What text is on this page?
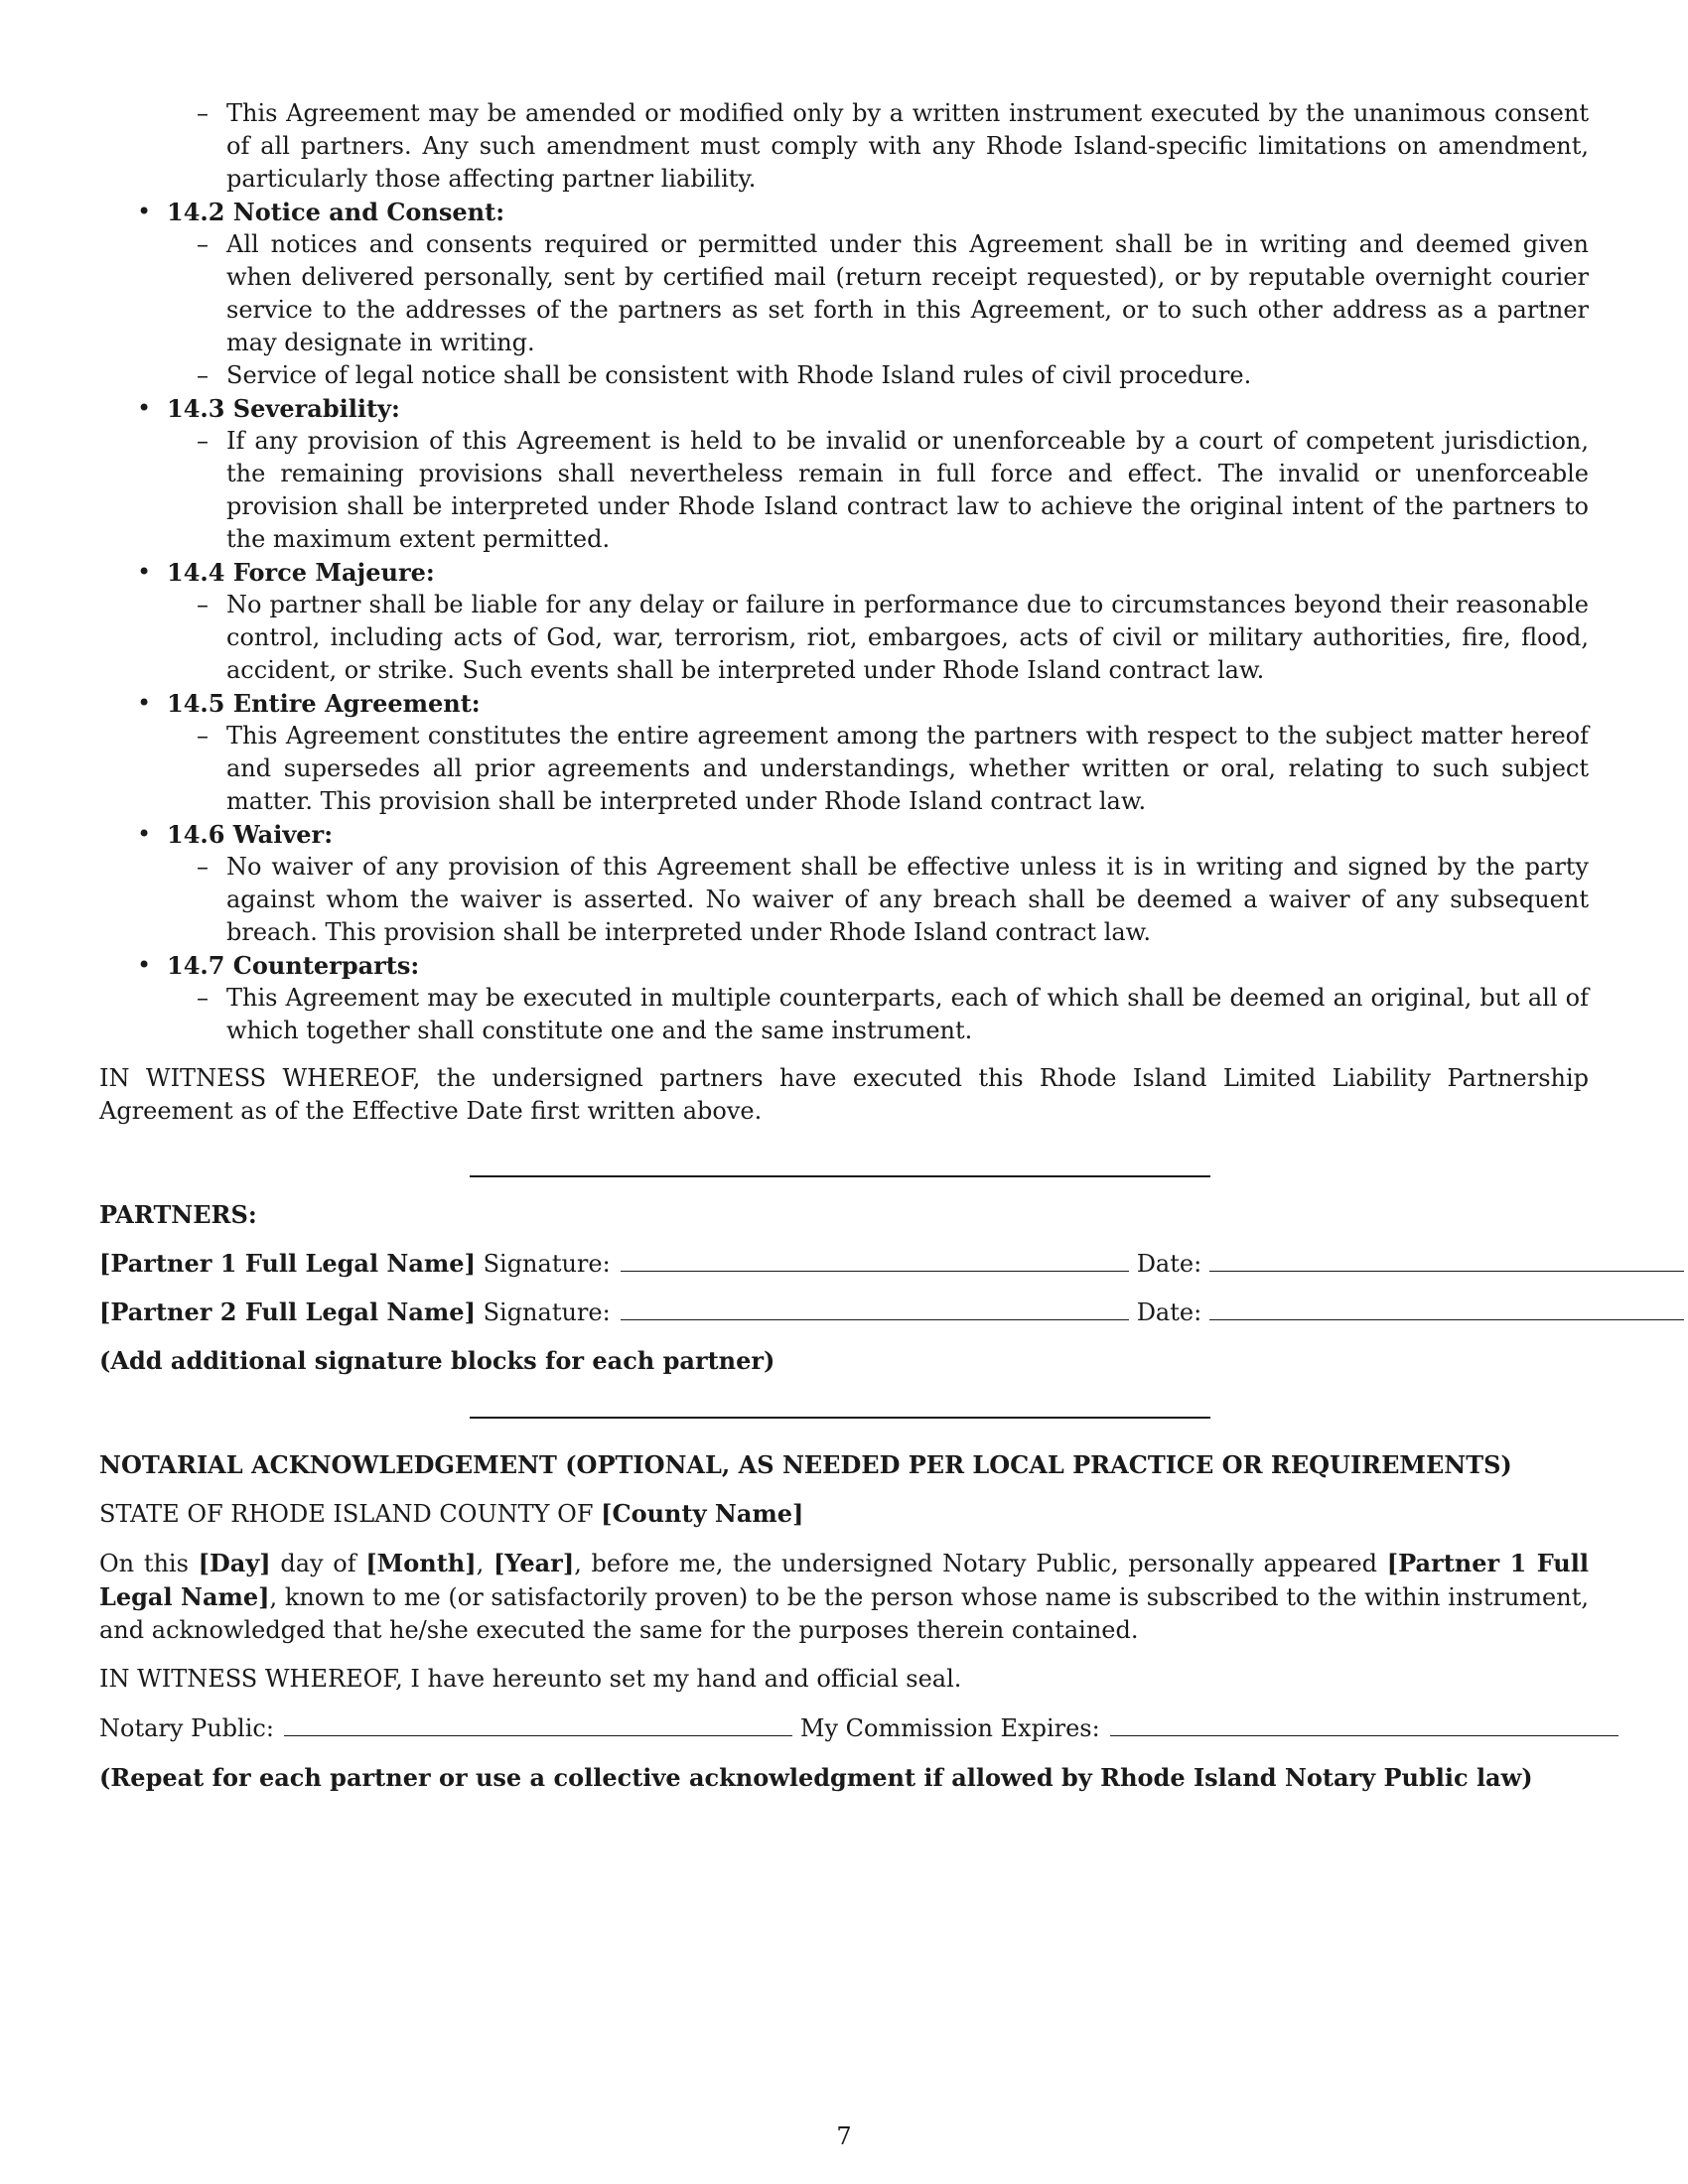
– This Agreement may be amended or modified only by a written instrument executed by the unanimous consent of all partners. Any such amendment must comply with any Rhode Island-specific limitations on amendment, particularly those affecting partner liability.
• 14.2 Notice and Consent:
– All notices and consents required or permitted under this Agreement shall be in writing and deemed given when delivered personally, sent by certified mail (return receipt requested), or by reputable overnight courier service to the addresses of the partners as set forth in this Agreement, or to such other address as a partner may designate in writing.
– Service of legal notice shall be consistent with Rhode Island rules of civil procedure.
• 14.3 Severability:
– If any provision of this Agreement is held to be invalid or unenforceable by a court of competent jurisdiction, the remaining provisions shall nevertheless remain in full force and effect. The invalid or unenforceable provision shall be interpreted under Rhode Island contract law to achieve the original intent of the partners to the maximum extent permitted.
• 14.4 Force Majeure:
– No partner shall be liable for any delay or failure in performance due to circumstances beyond their reasonable control, including acts of God, war, terrorism, riot, embargoes, acts of civil or military authorities, fire, flood, accident, or strike. Such events shall be interpreted under Rhode Island contract law.
• 14.5 Entire Agreement:
– This Agreement constitutes the entire agreement among the partners with respect to the subject matter hereof and supersedes all prior agreements and understandings, whether written or oral, relating to such subject matter. This provision shall be interpreted under Rhode Island contract law.
• 14.6 Waiver:
– No waiver of any provision of this Agreement shall be effective unless it is in writing and signed by the party against whom the waiver is asserted. No waiver of any breach shall be deemed a waiver of any subsequent breach. This provision shall be interpreted under Rhode Island contract law.
• 14.7 Counterparts:
– This Agreement may be executed in multiple counterparts, each of which shall be deemed an original, but all of which together shall constitute one and the same instrument.

IN WITNESS WHEREOF, the undersigned partners have executed this Rhode Island Limited Liability Partnership Agreement as of the Effective Date first written above.

PARTNERS:
[Partner 1 Full Legal Name] Signature:	Date:
[Partner 2 Full Legal Name] Signature:	Date:
(Add additional signature blocks for each partner)
NOTARIAL ACKNOWLEDGEMENT (OPTIONAL, AS NEEDED PER LOCAL PRACTICE OR REQUIREMENTS)

STATE OF RHODE ISLAND COUNTY OF [County Name]

On this [Day] day of [Month], [Year], before me, the undersigned Notary Public, personally appeared [Partner 1 Full Legal Name], known to me (or satisfactorily proven) to be the person whose name is subscribed to the within instrument, and acknowledged that he/she executed the same for the purposes therein contained.

IN WITNESS WHEREOF, I have hereunto set my hand and official seal.

Notary Public:	My Commission Expires:
(Repeat for each partner or use a collective acknowledgment if allowed by Rhode Island Notary Public law)
7
